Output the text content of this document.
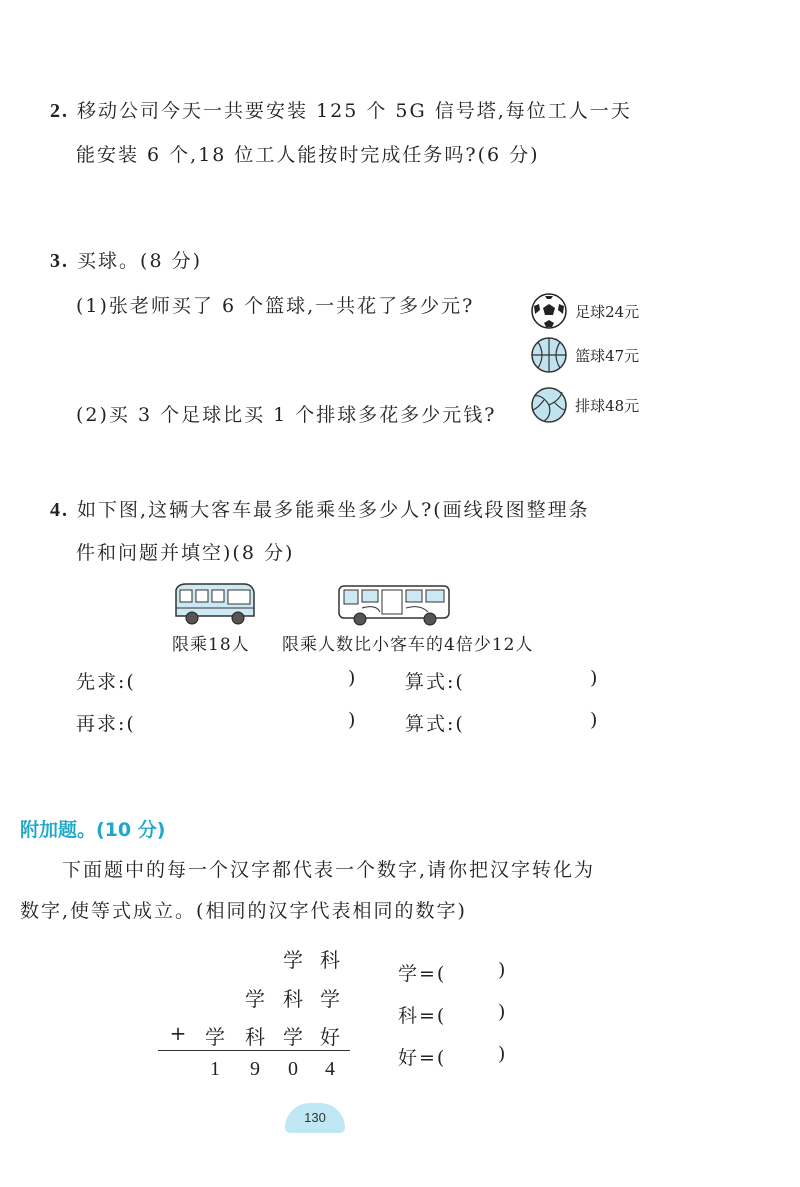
2. 移动公司今天一共要安装 125 个 5G 信号塔,每位工人一天
能安装 6 个,18 位工人能按时完成任务吗?(6 分)
3. 买球。(8 分)
(1)张老师买了 6 个篮球,一共花了多少元?
(2)买 3 个足球比买 1 个排球多花多少元钱?
足球24元
篮球47元
排球48元
4. 如下图,这辆大客车最多能乘坐多少人?(画线段图整理条
件和问题并填空)(8 分)
限乘18人 限乘人数比小客车的4倍少12人
先求:(	)	算式:(	)
再求:(	)	算式:(	)
附加题。(10 分)
下面题中的每一个汉字都代表一个数字,请你把汉字转化为
数字,使等式成立。(相同的汉字代表相同的数字)
学 科
学 科 学
+ 学 科 学 好
1	9	0	4
学=(	)
科=(	)
好=(	)
130
